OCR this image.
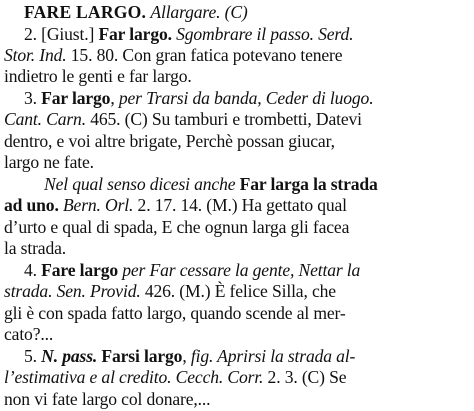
FARE LARGO. Allargare. (C)
2. [Giust.] Far largo. Sgombrare il passo. Serd.
Stor. Ind. 15. 80. Con gran fatica potevano tenere
indietro le genti e far largo.
3. Far largo, per Trarsi da banda, Ceder di luogo.
Cant. Carn. 465. (C) Su tamburi e trombetti, Datevi
dentro, e voi altre brigate, Perchè possan giucar,
largo ne fate.
Nel qual senso dicesi anche Far larga la strada
ad uno. Bern. Orl. 2. 17. 14. (M.) Ha gettato qual
d’urto e qual di spada, E che ognun larga gli facea
la strada.
4. Fare largo per Far cessare la gente, Nettar la
strada. Sen. Provid. 426. (M.) È felice Silla, che
gli è con spada fatto largo, quando scende al mer-
cato?...
5. N. pass. Farsi largo, fig. Aprirsi la strada al-
l’estimativa e al credito. Cecch. Corr. 2. 3. (C) Se
non vi fate largo col donare,...
